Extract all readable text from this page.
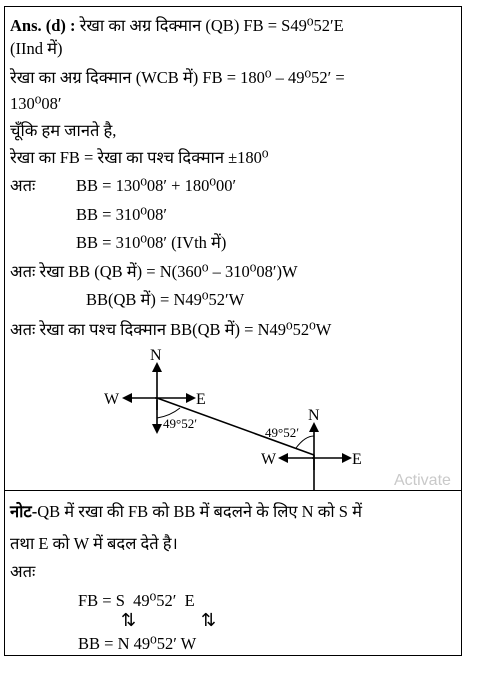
Ans. (d) : रेखा का अग्र दिक्मान (QB) FB = S49⁰52′E
(IInd में)
रेखा का अग्र दिक्मान (WCB में) FB = 180⁰ – 49⁰52′ =
130⁰08′
चूँकि हम जानते है,
रेखा का FB = रेखा का पश्च दिक्मान ±180⁰
अतः BB = 130⁰08′ + 180⁰00′
BB = 310⁰08′
BB = 310⁰08′ (IVth में)
अतः रेखा BB (QB में) = N(360⁰ – 310⁰08′)W
BB(QB में) = N49⁰52′W
अतः रेखा का पश्च दिक्मान BB(QB में) = N49⁰52⁰W
N
W	E
49°52′	N
W	E
49°52′
Activate
नोट-QB में रखा की FB को BB में बदलने के लिए N को S में
तथा E को W में बदल देते है।
अतः
FB = S  49⁰52′  E
⇅	⇅
BB = N 49⁰52′ W
